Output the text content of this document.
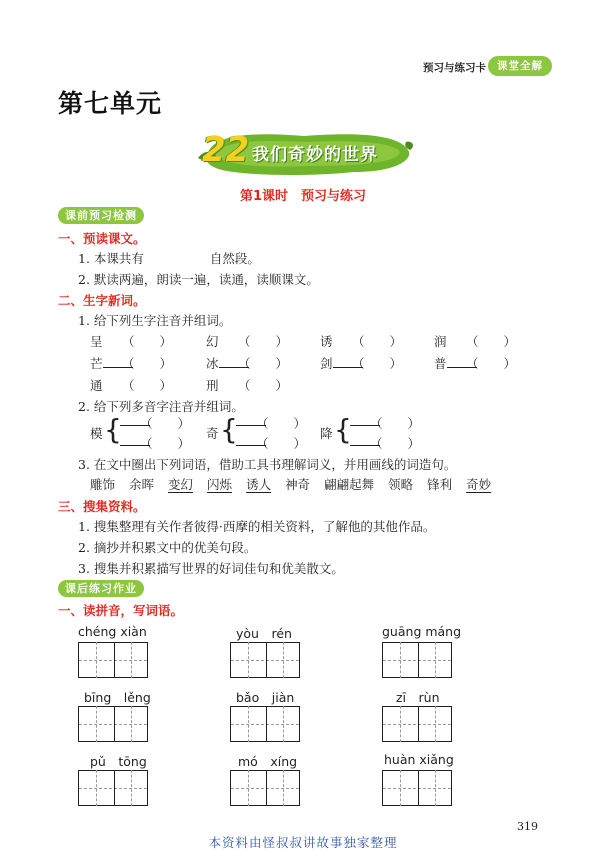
预习与练习卡	课堂全解
第七单元
22 我们奇妙的世界
第1课时　预习与练习
课前预习检测
一、预读课文。
1. 本课共有	自然段。
2. 默读两遍，朗读一遍，读通，读顺课文。
二、生字新词。
1. 给下列生字注音并组词。
呈 （　　）	幻 （　　）	诱 （　　）	润 （　　）
芒	（　　）	冰	（　　）	剑	（　　）	普	（　　）
通 （　　）	刑 （　　）
2. 给下列多音字注音并组词。
模 { （　　）
（　　）
奇 { （　　）
（　　）
降 { （　　）
（　　）
3. 在文中圈出下列词语，借助工具书理解词义，并用画线的词造句。
雕饰 余晖 变幻 闪烁 诱人 神奇 翩翩起舞 领略 锋利 奇妙
三、搜集资料。
1. 搜集整理有关作者彼得·西摩的相关资料，了解他的其他作品。
2. 摘抄并积累文中的优美句段。
3. 搜集并积累描写世界的好词佳句和优美散文。
课后练习作业
一、读拼音，写词语。
chéng xiàn	yòu　rén	guāng máng
bīng　lěng	bǎo　jiàn	zī　rùn
pǔ　tōng	mó　xíng	huàn xiǎng
319
本资料由怪叔叔讲故事独家整理
